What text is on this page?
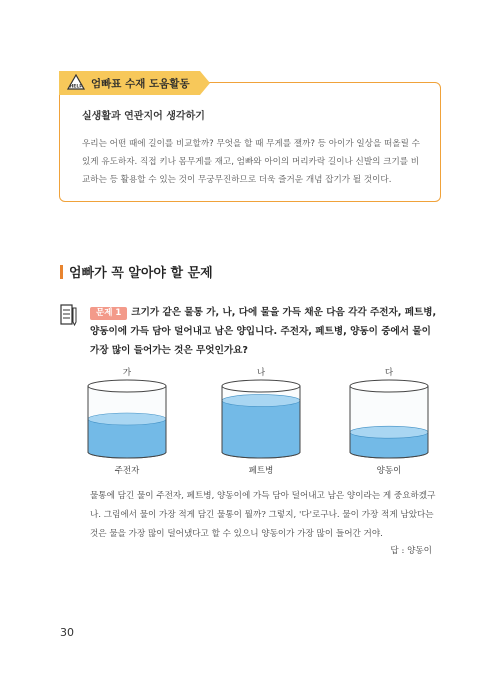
HELP 엄빠표 수재 도움활동
실생활과 연관지어 생각하기
우리는 어떤 때에 길이를 비교할까? 무엇을 할 때 무게를 잴까? 등 아이가 일상을 떠올릴 수 있게 유도하자. 직접 키나 몸무게를 재고, 엄빠와 아이의 머리카락 길이나 신발의 크기를 비교하는 등 활용할 수 있는 것이 무궁무진하므로 더욱 즐거운 개념 잡기가 될 것이다.
엄빠가 꼭 알아야 할 문제
문제 1 크기가 같은 물통 가, 나, 다에 물을 가득 채운 다음 각각 주전자, 페트병, 양동이에 가득 담아 덜어내고 남은 양입니다. 주전자, 페트병, 양동이 중에서 물이 가장 많이 들어가는 것은 무엇인가요?
가	나	다
주전자	페트병	양동이
물통에 담긴 물이 주전자, 페트병, 양동이에 가득 담아 덜어내고 남은 양이라는 게 중요하겠구나. 그림에서 물이 가장 적게 담긴 물통이 뭘까? 그렇지, '다'로구나. 물이 가장 적게 남았다는 것은 물을 가장 많이 덜어냈다고 할 수 있으니 양동이가 가장 많이 들어간 거야.
답 : 양동이
30
